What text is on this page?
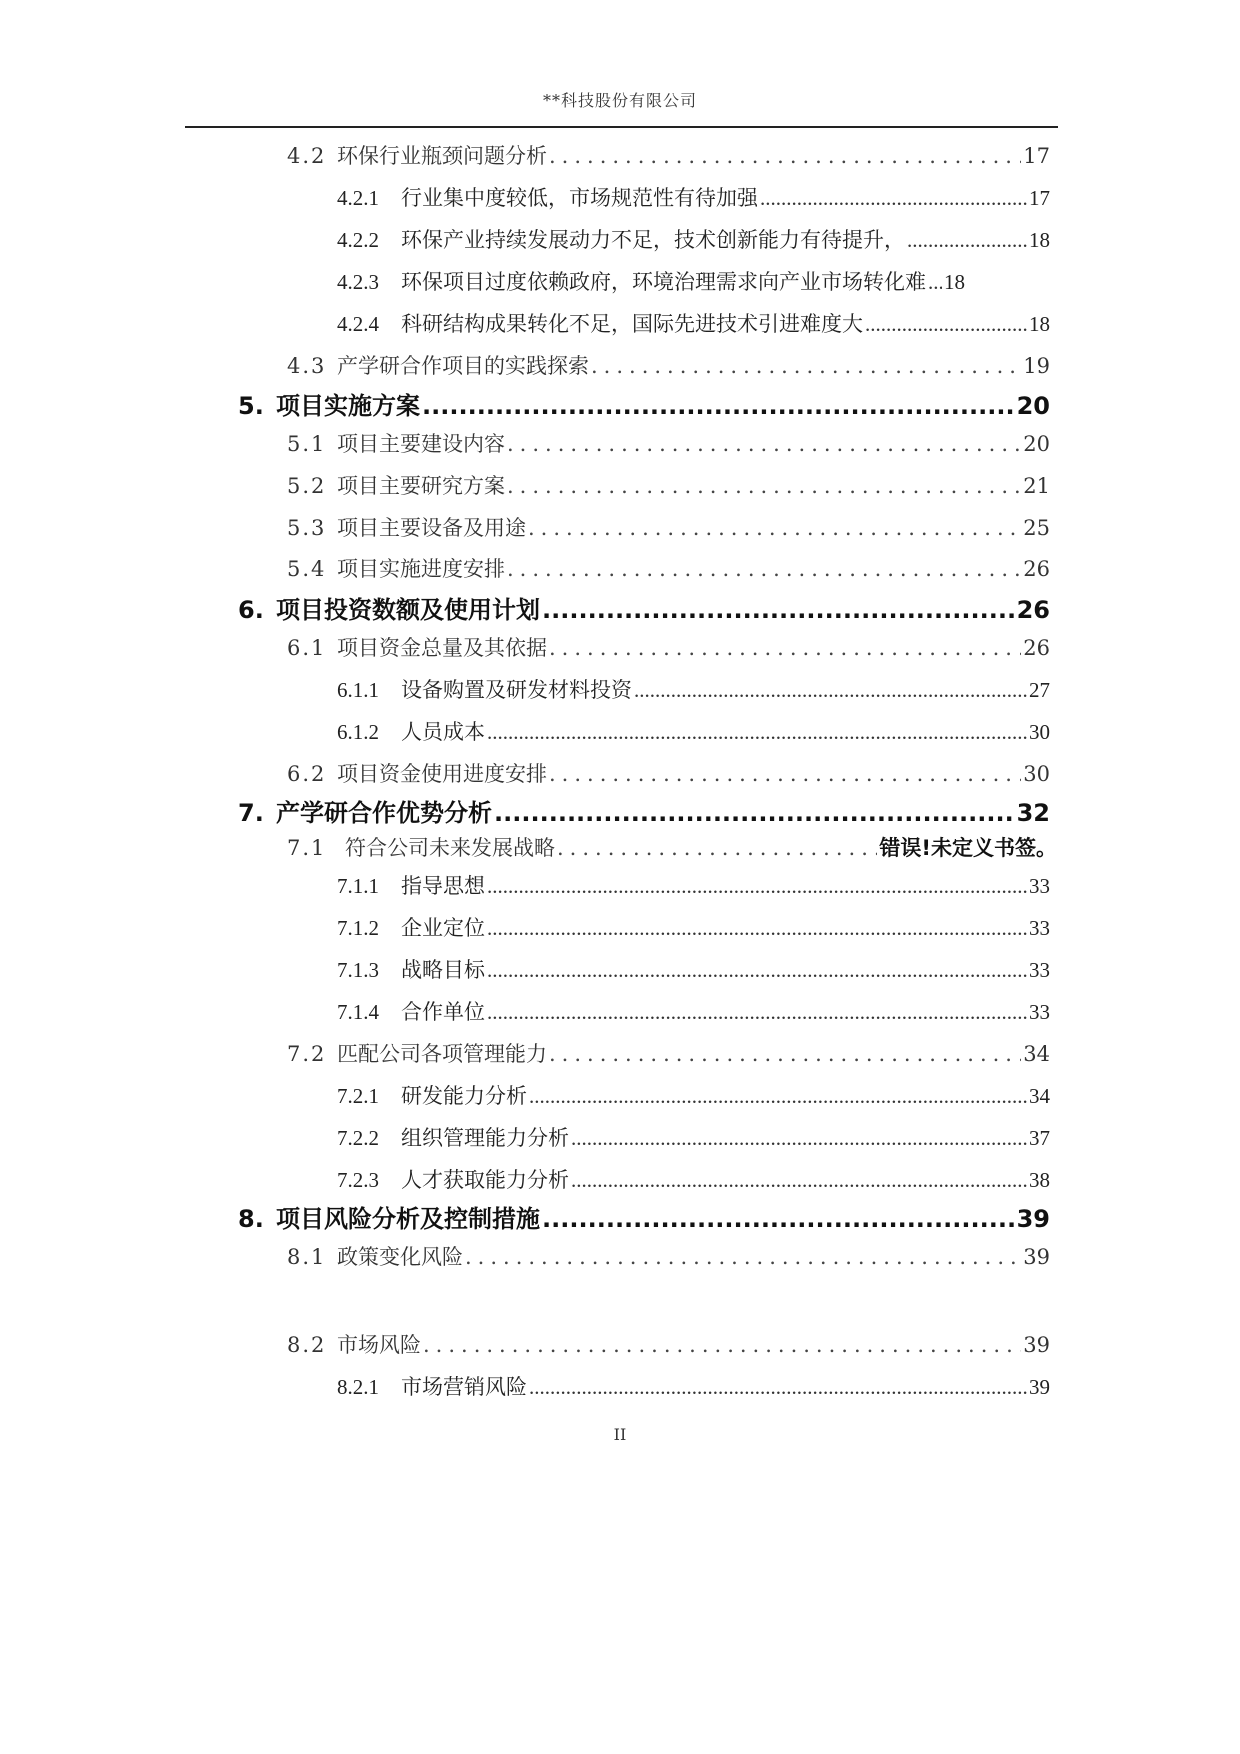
**科技股份有限公司
4.2 环保行业瓶颈问题分析 .....	17
4.2.1	行业集中度较低，市场规范性有待加强 .....	17
4.2.2	环保产业持续发展动力不足，技术创新能力有待提升， .....	18
4.2.3	环保项目过度依赖政府，环境治理需求向产业市场转化难 ..... 18
4.2.4	科研结构成果转化不足，国际先进技术引进难度大 .....	18
4.3 产学研合作项目的实践探索 .....	19
5. 项目实施方案 .....	20
5.1 项目主要建设内容 .....	20
5.2 项目主要研究方案 .....	21
5.3 项目主要设备及用途 .....	25
5.4 项目实施进度安排 .....	26
6. 项目投资数额及使用计划 .....	26
6.1 项目资金总量及其依据 .....	26
6.1.1	设备购置及研发材料投资 .....	27
6.1.2	人员成本 .....	30
6.2 项目资金使用进度安排 .....	30
7. 产学研合作优势分析 .....	32
7.1 符合公司未来发展战略 .....	错误!未定义书签。
7.1.1	指导思想 .....	33
7.1.2	企业定位 .....	33
7.1.3	战略目标 .....	33
7.1.4	合作单位 .....	33
7.2 匹配公司各项管理能力 .....	34
7.2.1	研发能力分析 .....	34
7.2.2	组织管理能力分析 .....	37
7.2.3	人才获取能力分析 .....	38
8. 项目风险分析及控制措施 .....	39
8.1 政策变化风险 .....	39
II
8.2 市场风险 .....	39
8.2.1	市场营销风险 .....	39
